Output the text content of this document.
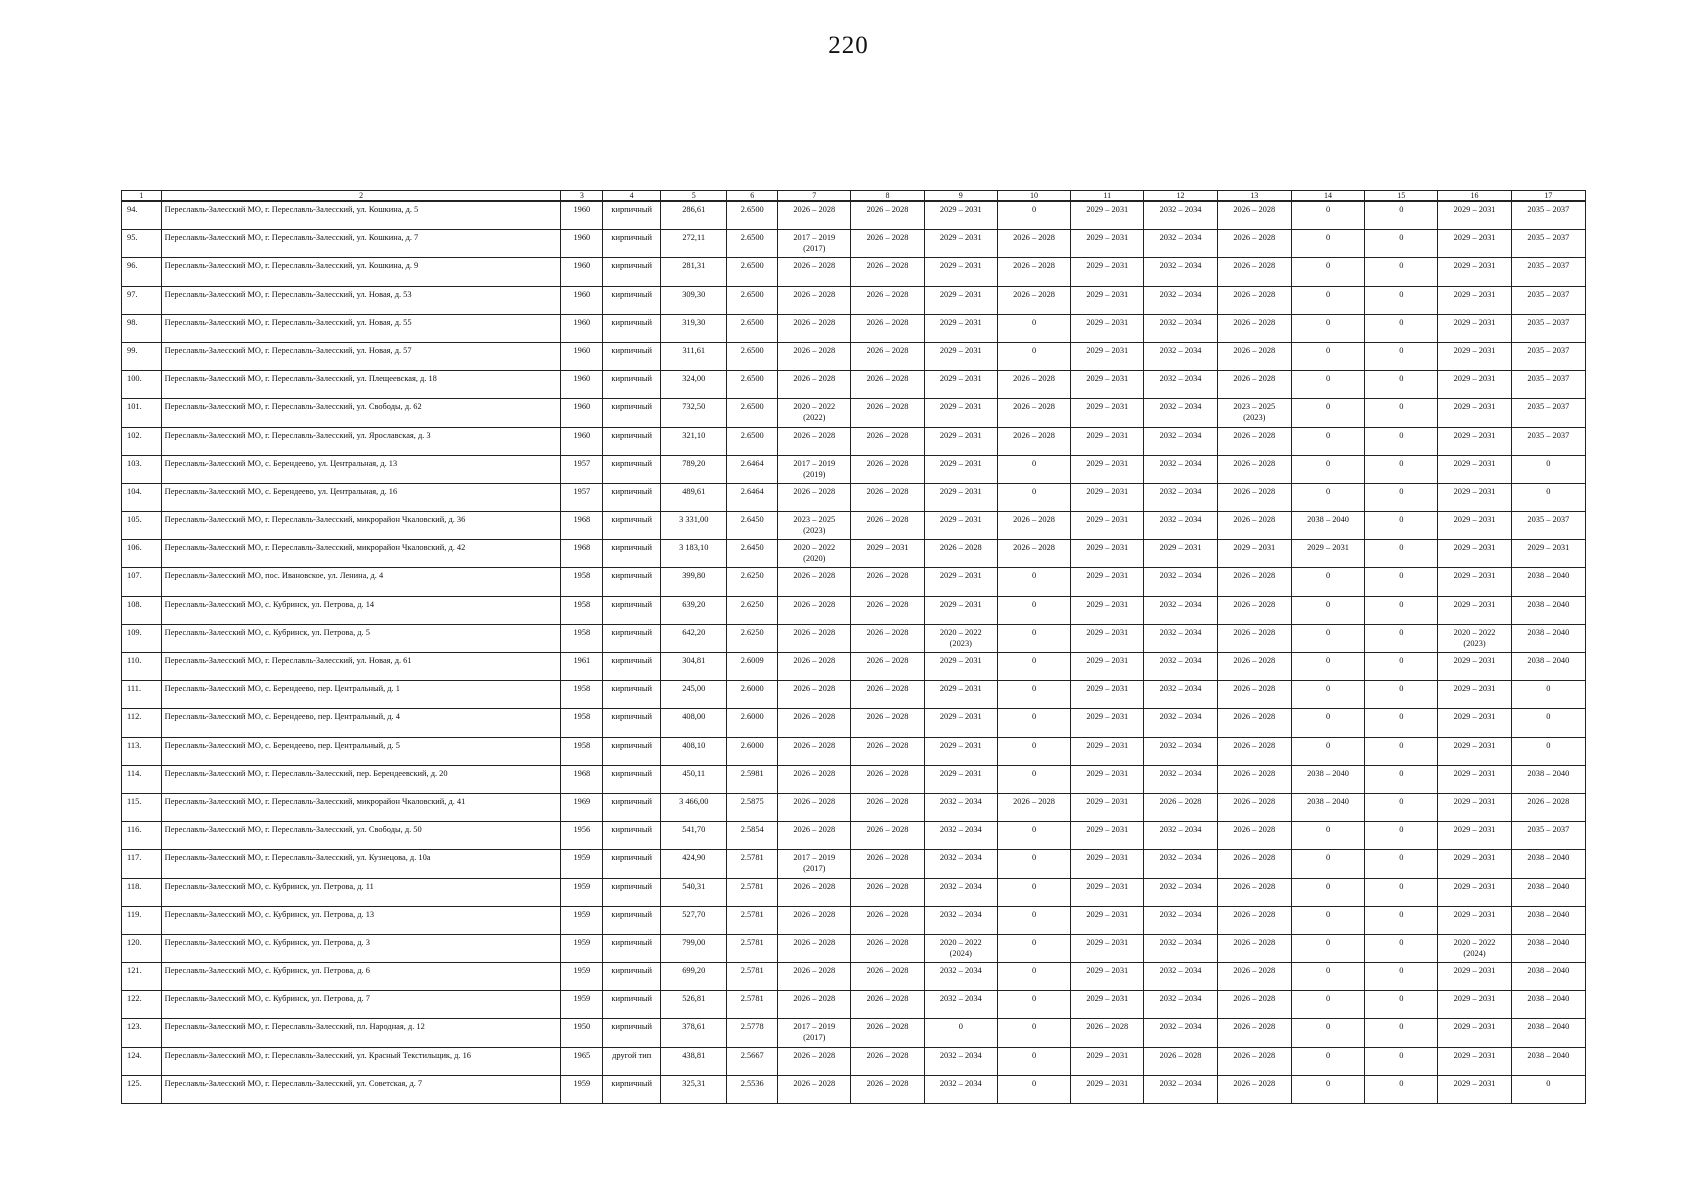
220
1	2	3	4	5	6	7	8	9	10	11	12	13	14	15	16	17

94.	Переславль-Залесский МО, г. Переславль-Залесский, ул. Кошкина, д. 5	1960	кирпичный	286,61	2.6500	2026 – 2028	2026 – 2028	2029 – 2031	0	2029 – 2031	2032 – 2034	2026 – 2028	0	0	2029 – 2031	2035 – 2037

95.	Переславль-Залесский МО, г. Переславль-Залесский, ул. Кошкина, д. 7	1960	кирпичный	272,11	2.6500	2017 – 2019
(2017)	2026 – 2028	2029 – 2031	2026 – 2028	2029 – 2031	2032 – 2034	2026 – 2028	0	0	2029 – 2031	2035 – 2037

96.	Переславль-Залесский МО, г. Переславль-Залесский, ул. Кошкина, д. 9	1960	кирпичный	281,31	2.6500	2026 – 2028	2026 – 2028	2029 – 2031	2026 – 2028	2029 – 2031	2032 – 2034	2026 – 2028	0	0	2029 – 2031	2035 – 2037

97.	Переславль-Залесский МО, г. Переславль-Залесский, ул. Новая, д. 53	1960	кирпичный	309,30	2.6500	2026 – 2028	2026 – 2028	2029 – 2031	2026 – 2028	2029 – 2031	2032 – 2034	2026 – 2028	0	0	2029 – 2031	2035 – 2037

98.	Переславль-Залесский МО, г. Переславль-Залесский, ул. Новая, д. 55	1960	кирпичный	319,30	2.6500	2026 – 2028	2026 – 2028	2029 – 2031	0	2029 – 2031	2032 – 2034	2026 – 2028	0	0	2029 – 2031	2035 – 2037

99.	Переславль-Залесский МО, г. Переславль-Залесский, ул. Новая, д. 57	1960	кирпичный	311,61	2.6500	2026 – 2028	2026 – 2028	2029 – 2031	0	2029 – 2031	2032 – 2034	2026 – 2028	0	0	2029 – 2031	2035 – 2037

100.	Переславль-Залесский МО, г. Переславль-Залесский, ул. Плещеевская, д. 18	1960	кирпичный	324,00	2.6500	2026 – 2028	2026 – 2028	2029 – 2031	2026 – 2028	2029 – 2031	2032 – 2034	2026 – 2028	0	0	2029 – 2031	2035 – 2037

101.	Переславль-Залесский МО, г. Переславль-Залесский, ул. Свободы, д. 62	1960	кирпичный	732,50	2.6500	2020 – 2022
(2022)	2026 – 2028	2029 – 2031	2026 – 2028	2029 – 2031	2032 – 2034	2023 – 2025
(2023)	0	0	2029 – 2031	2035 – 2037

102.	Переславль-Залесский МО, г. Переславль-Залесский, ул. Ярославская, д. 3	1960	кирпичный	321,10	2.6500	2026 – 2028	2026 – 2028	2029 – 2031	2026 – 2028	2029 – 2031	2032 – 2034	2026 – 2028	0	0	2029 – 2031	2035 – 2037

103.	Переславль-Залесский МО, с. Берендеево, ул. Центральная, д. 13	1957	кирпичный	789,20	2.6464	2017 – 2019
(2019)	2026 – 2028	2029 – 2031	0	2029 – 2031	2032 – 2034	2026 – 2028	0	0	2029 – 2031	0

104.	Переславль-Залесский МО, с. Берендеево, ул. Центральная, д. 16	1957	кирпичный	489,61	2.6464	2026 – 2028	2026 – 2028	2029 – 2031	0	2029 – 2031	2032 – 2034	2026 – 2028	0	0	2029 – 2031	0

105.	Переславль-Залесский МО, г. Переславль-Залесский, микрорайон Чкаловский, д. 36	1968	кирпичный	3 331,00	2.6450	2023 – 2025
(2023)	2026 – 2028	2029 – 2031	2026 – 2028	2029 – 2031	2032 – 2034	2026 – 2028	2038 – 2040	0	2029 – 2031	2035 – 2037

106.	Переславль-Залесский МО, г. Переславль-Залесский, микрорайон Чкаловский, д. 42	1968	кирпичный	3 183,10	2.6450	2020 – 2022
(2020)	2029 – 2031	2026 – 2028	2026 – 2028	2029 – 2031	2029 – 2031	2029 – 2031	2029 – 2031	0	2029 – 2031	2029 – 2031

107.	Переславль-Залесский МО, пос. Ивановское, ул. Ленина, д. 4	1958	кирпичный	399,80	2.6250	2026 – 2028	2026 – 2028	2029 – 2031	0	2029 – 2031	2032 – 2034	2026 – 2028	0	0	2029 – 2031	2038 – 2040

108.	Переславль-Залесский МО, с. Кубринск, ул. Петрова, д. 14	1958	кирпичный	639,20	2.6250	2026 – 2028	2026 – 2028	2029 – 2031	0	2029 – 2031	2032 – 2034	2026 – 2028	0	0	2029 – 2031	2038 – 2040

109.	Переславль-Залесский МО, с. Кубринск, ул. Петрова, д. 5	1958	кирпичный	642,20	2.6250	2026 – 2028	2026 – 2028	2020 – 2022
(2023)	0	2029 – 2031	2032 – 2034	2026 – 2028	0	0	2020 – 2022
(2023)	2038 – 2040

110.	Переславль-Залесский МО, г. Переславль-Залесский, ул. Новая, д. 61	1961	кирпичный	304,81	2.6009	2026 – 2028	2026 – 2028	2029 – 2031	0	2029 – 2031	2032 – 2034	2026 – 2028	0	0	2029 – 2031	2038 – 2040

111.	Переславль-Залесский МО, с. Берендеево, пер. Центральный, д. 1	1958	кирпичный	245,00	2.6000	2026 – 2028	2026 – 2028	2029 – 2031	0	2029 – 2031	2032 – 2034	2026 – 2028	0	0	2029 – 2031	0

112.	Переславль-Залесский МО, с. Берендеево, пер. Центральный, д. 4	1958	кирпичный	408,00	2.6000	2026 – 2028	2026 – 2028	2029 – 2031	0	2029 – 2031	2032 – 2034	2026 – 2028	0	0	2029 – 2031	0

113.	Переславль-Залесский МО, с. Берендеево, пер. Центральный, д. 5	1958	кирпичный	408,10	2.6000	2026 – 2028	2026 – 2028	2029 – 2031	0	2029 – 2031	2032 – 2034	2026 – 2028	0	0	2029 – 2031	0

114.	Переславль-Залесский МО, г. Переславль-Залесский, пер. Берендеевский, д. 20	1968	кирпичный	450,11	2.5981	2026 – 2028	2026 – 2028	2029 – 2031	0	2029 – 2031	2032 – 2034	2026 – 2028	2038 – 2040	0	2029 – 2031	2038 – 2040

115.	Переславль-Залесский МО, г. Переславль-Залесский, микрорайон Чкаловский, д. 41	1969	кирпичный	3 466,00	2.5875	2026 – 2028	2026 – 2028	2032 – 2034	2026 – 2028	2029 – 2031	2026 – 2028	2026 – 2028	2038 – 2040	0	2029 – 2031	2026 – 2028

116.	Переславль-Залесский МО, г. Переславль-Залесский, ул. Свободы, д. 50	1956	кирпичный	541,70	2.5854	2026 – 2028	2026 – 2028	2032 – 2034	0	2029 – 2031	2032 – 2034	2026 – 2028	0	0	2029 – 2031	2035 – 2037

117.	Переславль-Залесский МО, г. Переславль-Залесский, ул. Кузнецова, д. 10а	1959	кирпичный	424,90	2.5781	2017 – 2019
(2017)	2026 – 2028	2032 – 2034	0	2029 – 2031	2032 – 2034	2026 – 2028	0	0	2029 – 2031	2038 – 2040

118.	Переславль-Залесский МО, с. Кубринск, ул. Петрова, д. 11	1959	кирпичный	540,31	2.5781	2026 – 2028	2026 – 2028	2032 – 2034	0	2029 – 2031	2032 – 2034	2026 – 2028	0	0	2029 – 2031	2038 – 2040

119.	Переславль-Залесский МО, с. Кубринск, ул. Петрова, д. 13	1959	кирпичный	527,70	2.5781	2026 – 2028	2026 – 2028	2032 – 2034	0	2029 – 2031	2032 – 2034	2026 – 2028	0	0	2029 – 2031	2038 – 2040

120.	Переславль-Залесский МО, с. Кубринск, ул. Петрова, д. 3	1959	кирпичный	799,00	2.5781	2026 – 2028	2026 – 2028	2020 – 2022
(2024)	0	2029 – 2031	2032 – 2034	2026 – 2028	0	0	2020 – 2022
(2024)	2038 – 2040

121.	Переславль-Залесский МО, с. Кубринск, ул. Петрова, д. 6	1959	кирпичный	699,20	2.5781	2026 – 2028	2026 – 2028	2032 – 2034	0	2029 – 2031	2032 – 2034	2026 – 2028	0	0	2029 – 2031	2038 – 2040

122.	Переславль-Залесский МО, с. Кубринск, ул. Петрова, д. 7	1959	кирпичный	526,81	2.5781	2026 – 2028	2026 – 2028	2032 – 2034	0	2029 – 2031	2032 – 2034	2026 – 2028	0	0	2029 – 2031	2038 – 2040

123.	Переславль-Залесский МО, г. Переславль-Залесский, пл. Народная, д. 12	1950	кирпичный	378,61	2.5778	2017 – 2019
(2017)	2026 – 2028	0	0	2026 – 2028	2032 – 2034	2026 – 2028	0	0	2029 – 2031	2038 – 2040

124.	Переславль-Залесский МО, г. Переславль-Залесский, ул. Красный Текстильщик, д. 16	1965	другой тип	438,81	2.5667	2026 – 2028	2026 – 2028	2032 – 2034	0	2029 – 2031	2026 – 2028	2026 – 2028	0	0	2029 – 2031	2038 – 2040

125.	Переславль-Залесский МО, г. Переславль-Залесский, ул. Советская, д. 7	1959	кирпичный	325,31	2.5536	2026 – 2028	2026 – 2028	2032 – 2034	0	2029 – 2031	2032 – 2034	2026 – 2028	0	0	2029 – 2031	0
